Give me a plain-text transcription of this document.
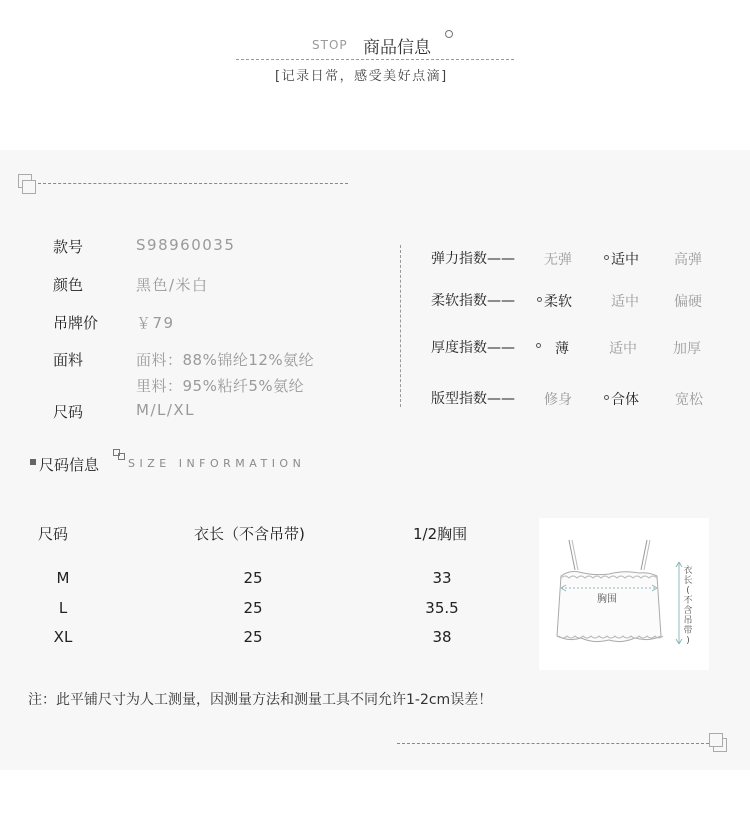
STOP 商品信息
[记录日常，感受美好点滴]
款号	S98960035
颜色	黑色/米白
吊牌价	￥79
面料	面料：88%锦纶12%氨纶
里料：95%粘纤5%氨纶
尺码	M/L/XL
弹力指数—— 无弹	适中	高弹
柔软指数—— 柔软	适中	偏硬
厚度指数——	薄	适中	加厚
版型指数—— 修身	合体	宽松
尺码信息	SIZE INFORMATION
尺码	衣长（不含吊带)	1/2胸围
M	25	33
L	25	35.5
XL	25	38
胸围
衣
长
(
不
含
吊
带
)
注：此平铺尺寸为人工测量，因测量方法和测量工具不同允许1-2cm误差！
